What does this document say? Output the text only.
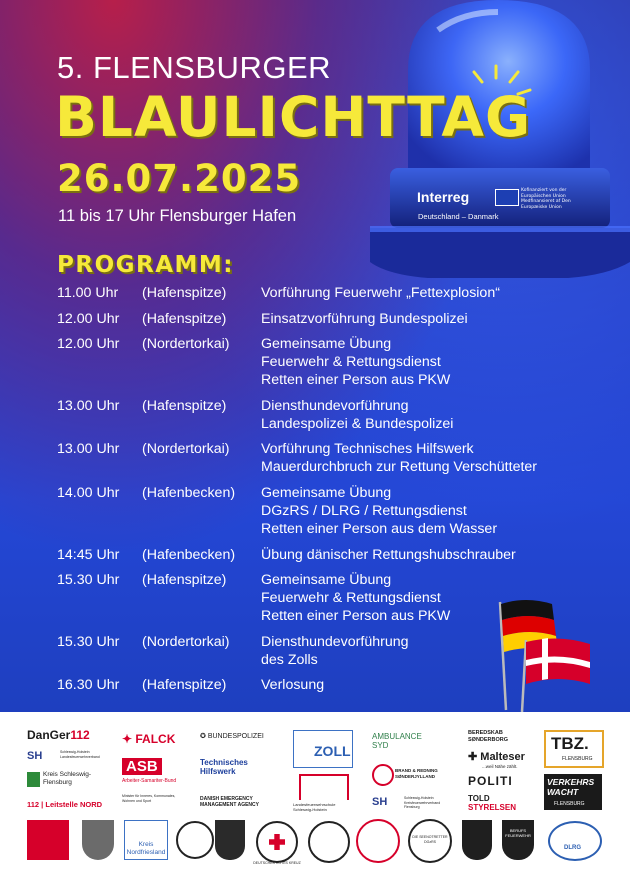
5. FLENSBURGER
BLAULICHTTAG
26.07.2025
11 bis 17 Uhr Flensburger Hafen
Interreg	Kofinanziert von der Europäischen Union Medfinansieret af Den Europæiske Union
Deutschland – Danmark
PROGRAMM:
11.00 Uhr	(Hafenspitze)	Vorführung Feuerwehr „Fettexplosion“
12.00 Uhr	(Hafenspitze)	Einsatzvorführung Bundespolizei
12.00 Uhr	(Nordertorkai)	Gemeinsame Übung
Feuerwehr & Rettungsdienst
Retten einer Person aus PKW
13.00 Uhr	(Hafenspitze)	Diensthundevorführung
Landespolizei & Bundespolizei
13.00 Uhr	(Nordertorkai)	Vorführung Technisches Hilfswerk
Mauerdurchbruch zur Rettung Verschütteter
14.00 Uhr	(Hafenbecken)	Gemeinsame Übung
DGzRS / DLRG / Rettungsdienst
Retten einer Person aus dem Wasser
14:45 Uhr	(Hafenbecken)	Übung dänischer Rettungshubschrauber
15.30 Uhr	(Hafenspitze)	Gemeinsame Übung
Feuerwehr & Rettungsdienst
Retten einer Person aus PKW
15.30 Uhr	(Nordertorkai)	Diensthundevorführung
des Zolls
16.30 Uhr	(Hafenspitze)	Verlosung
DanGer112
SH	Schleswig-Holstein Landesfeuerwehrverband
Kreis Schleswig-Flensburg
112 | Leitstelle NORD
✦ FALCK
ASB
Arbeiter-Samariter-Bund
Minister für Inneres, Kommunales, Wohnen und Sport
✪ BUNDESPOLIZEI
Technisches Hilfswerk
DANISH EMERGENCY MANAGEMENT AGENCY
ZOLL
Landesfeuerwehrschule Schleswig-Holstein
AMBULANCE
SYD
BRAND & REDNING SØNDERJYLLAND
SH	Schleswig-Holstein Kreisfeuerwehrverband Flensburg
BEREDSKAB SØNDERBORG
✚ Malteser
...weil Nähe zählt.
POLITI
TOLD
STYRELSEN
TBZ.
FLENSBURG
VERKEHRS WACHT
FLENSBURG
Kreis Nordfriesland
DEUTSCHES ROTES KREUZ
DIE SEENOTRETTER DGzRS
BERUFS FEUERWEHR
DLRG
